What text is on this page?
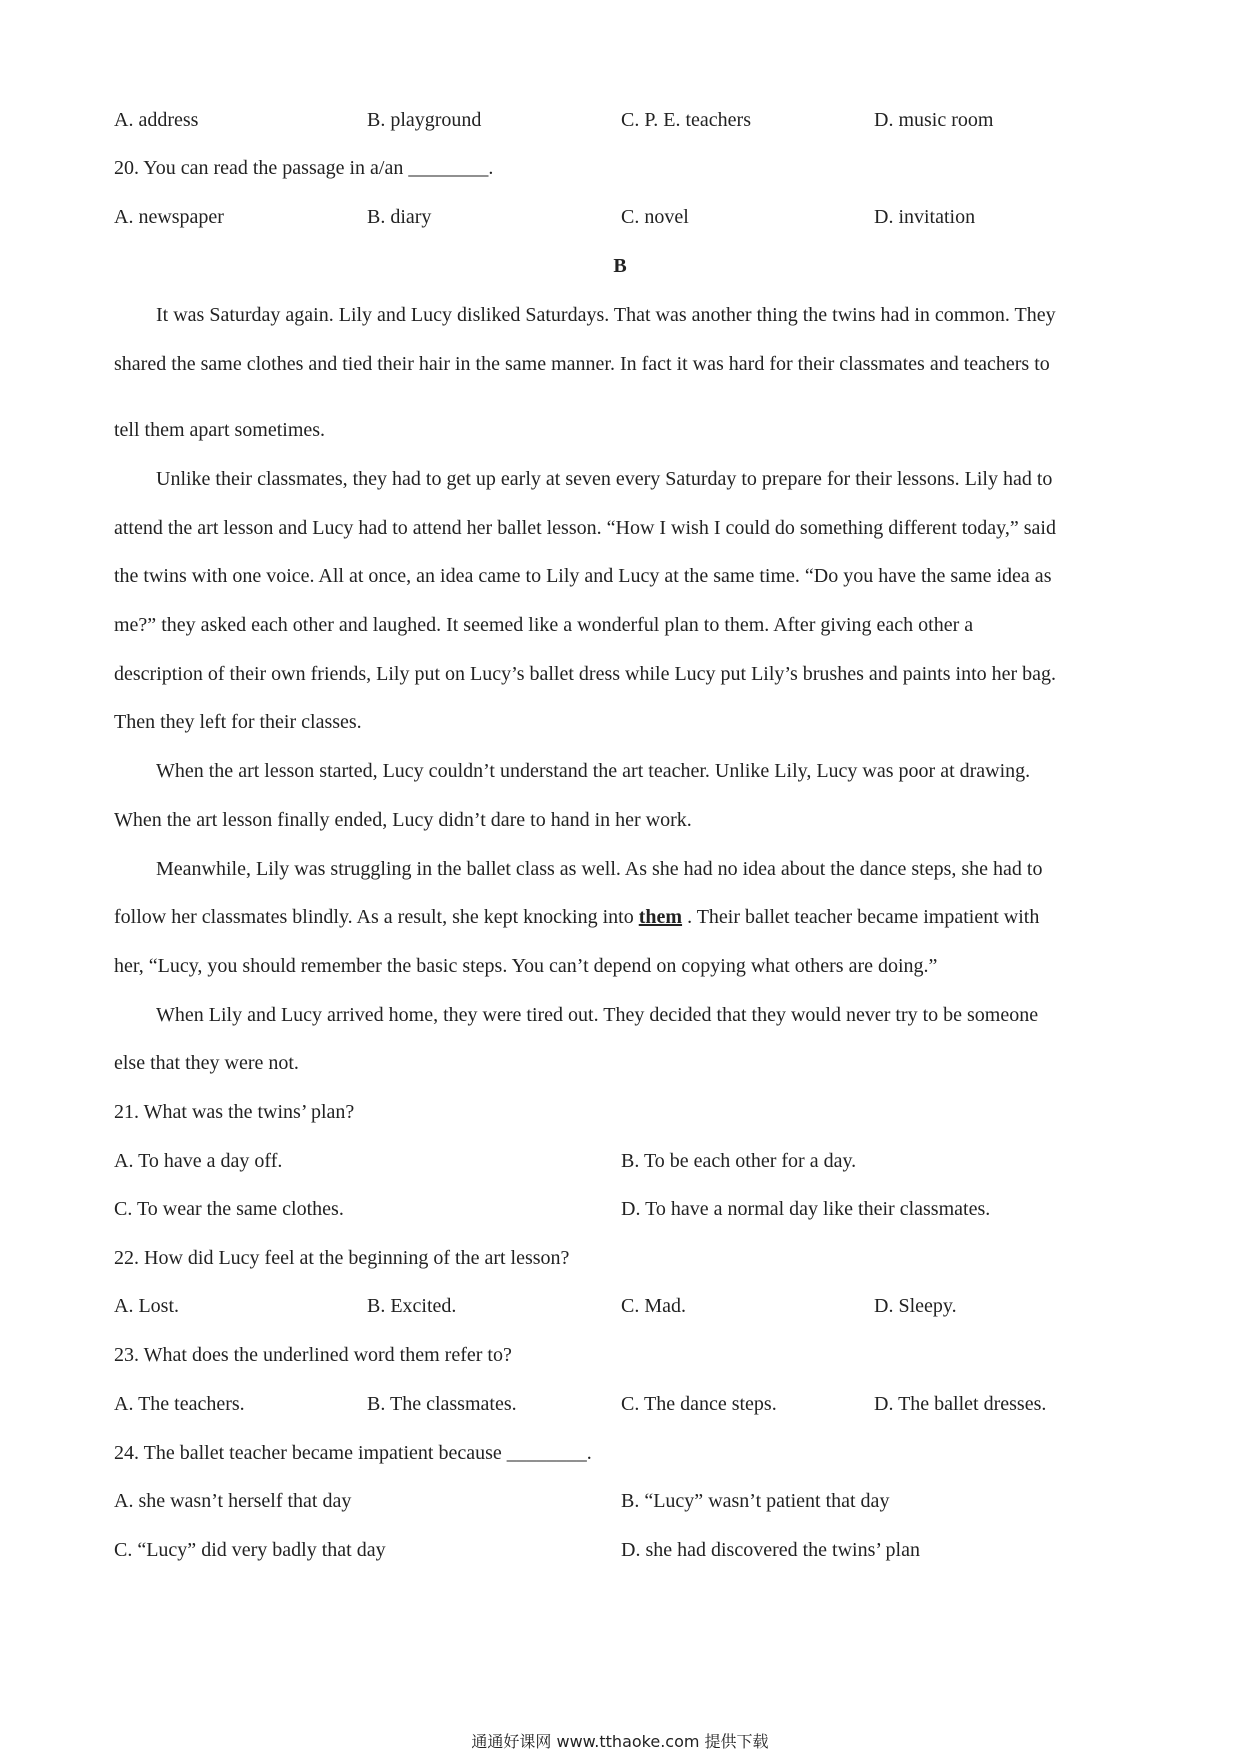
A. address	B. playground	C. P. E. teachers	D. music room
20. You can read the passage in a/an ________.
A. newspaper	B. diary	C. novel	D. invitation
B
It was Saturday again. Lily and Lucy disliked Saturdays. That was another thing the twins had in common. They
shared the same clothes and tied their hair in the same manner. In fact it was hard for their classmates and teachers to
tell them apart sometimes.
Unlike their classmates, they had to get up early at seven every Saturday to prepare for their lessons. Lily had to
attend the art lesson and Lucy had to attend her ballet lesson. “How I wish I could do something different today,” said
the twins with one voice. All at once, an idea came to Lily and Lucy at the same time. “Do you have the same idea as
me?” they asked each other and laughed. It seemed like a wonderful plan to them. After giving each other a
description of their own friends, Lily put on Lucy’s ballet dress while Lucy put Lily’s brushes and paints into her bag.
Then they left for their classes.
When the art lesson started, Lucy couldn’t understand the art teacher. Unlike Lily, Lucy was poor at drawing.
When the art lesson finally ended, Lucy didn’t dare to hand in her work.
Meanwhile, Lily was struggling in the ballet class as well. As she had no idea about the dance steps, she had to
follow her classmates blindly. As a result, she kept knocking into them . Their ballet teacher became impatient with
her, “Lucy, you should remember the basic steps. You can’t depend on copying what others are doing.”
When Lily and Lucy arrived home, they were tired out. They decided that they would never try to be someone
else that they were not.
21. What was the twins’ plan?
A. To have a day off.	B. To be each other for a day.
C. To wear the same clothes.	D. To have a normal day like their classmates.
22. How did Lucy feel at the beginning of the art lesson?
A. Lost.	B. Excited.	C. Mad.	D. Sleepy.
23. What does the underlined word them refer to?
A. The teachers.	B. The classmates.	C. The dance steps.	D. The ballet dresses.
24. The ballet teacher became impatient because ________.
A. she wasn’t herself that day	B. “Lucy” wasn’t patient that day
C. “Lucy” did very badly that day	D. she had discovered the twins’ plan
通通好课网 www.tthaoke.com 提供下载
